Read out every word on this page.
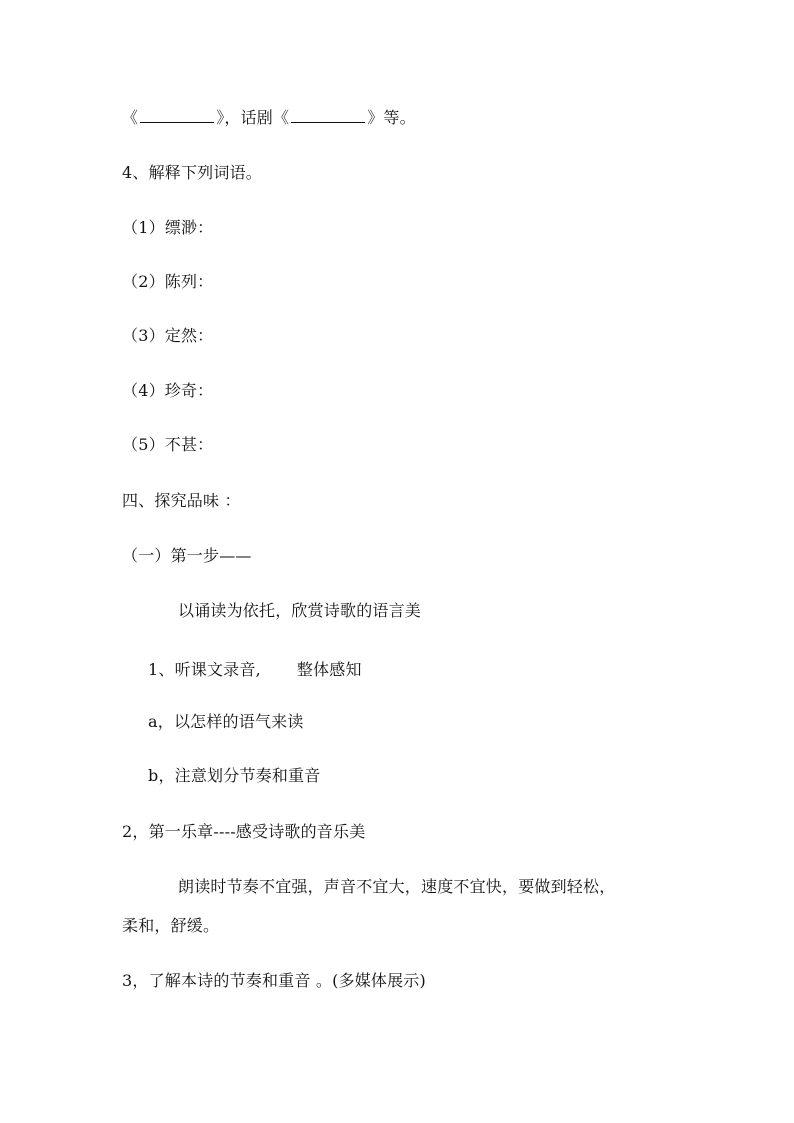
《	》，话剧《	》等。
4、解释下列词语。
（1）缥渺：
（2）陈列：
（3）定然：
（4）珍奇：
（5）不甚：
四、探究品味 ：
（一）第一步——
以诵读为依托，欣赏诗歌的语言美
1、听课文录音, 整体感知
a，以怎样的语气来读
b，注意划分节奏和重音
2，第一乐章----感受诗歌的音乐美
朗读时节奏不宜强，声音不宜大，速度不宜快，要做到轻松，
柔和，舒缓。
3，了解本诗的节奏和重音 。(多媒体展示)
